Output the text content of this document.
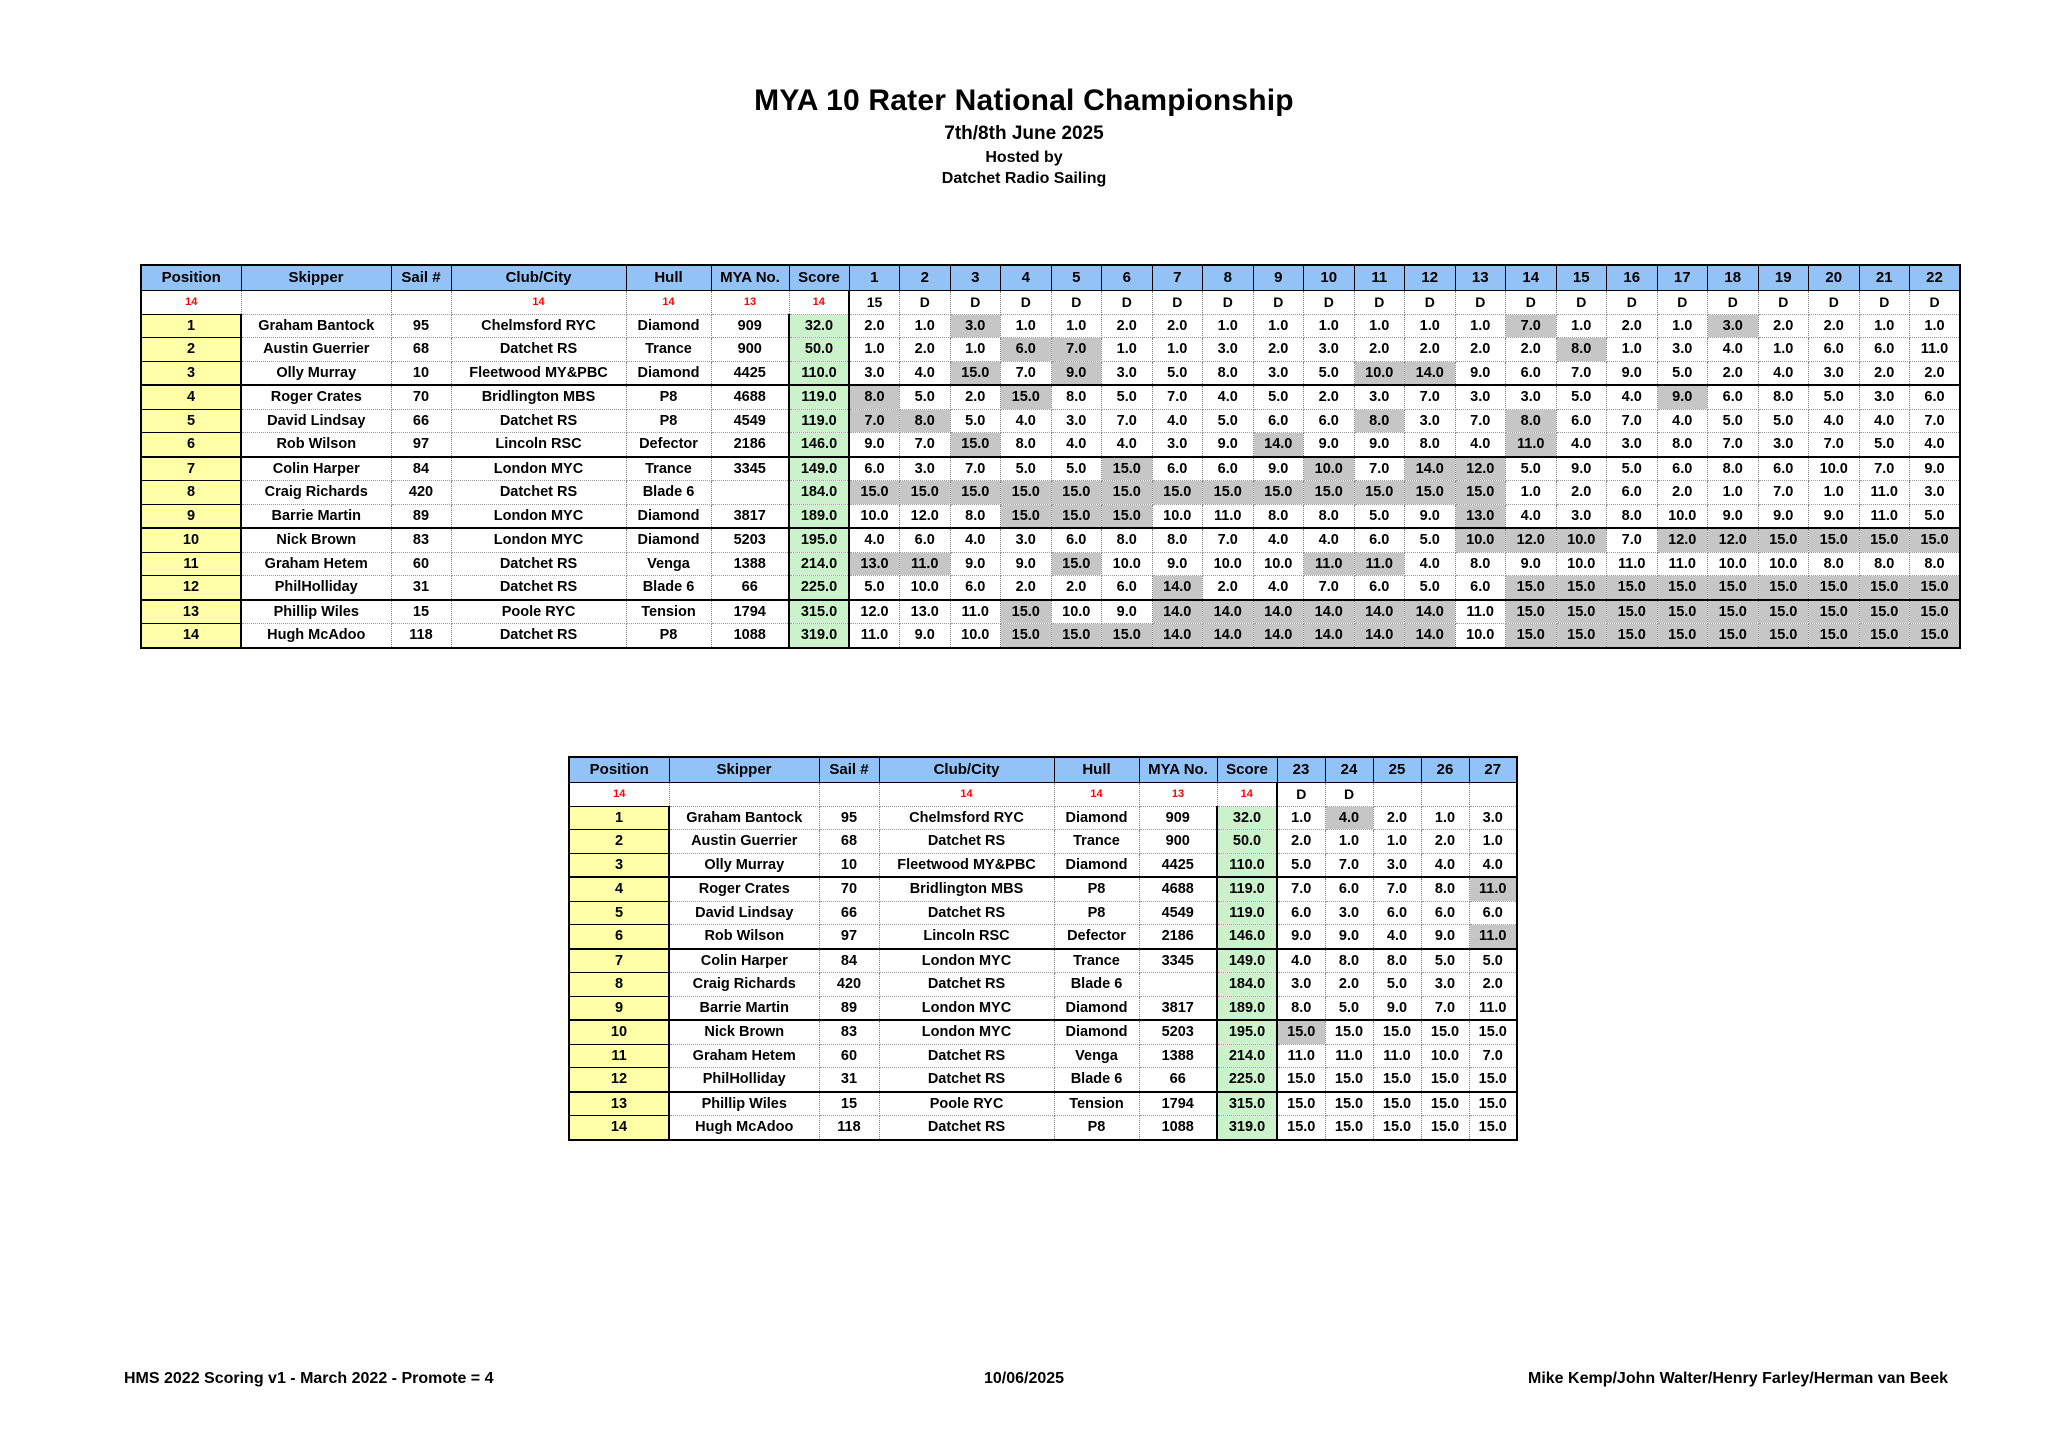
MYA 10 Rater National Championship
7th/8th June 2025
Hosted by
Datchet Radio Sailing
Position	Skipper	Sail #	Club/City	Hull	MYA No.	Score	1	2	3	4	5	6	7	8	9	10	11	12	13	14	15	16	17	18	19	20	21	22
14			14	14	13	14	15	D	D	D	D	D	D	D	D	D	D	D	D	D	D	D	D	D	D	D	D	D
1	Graham Bantock	95	Chelmsford RYC	Diamond	909	32.0	2.0	1.0	3.0	1.0	1.0	2.0	2.0	1.0	1.0	1.0	1.0	1.0	1.0	7.0	1.0	2.0	1.0	3.0	2.0	2.0	1.0	1.0
2	Austin Guerrier	68	Datchet RS	Trance	900	50.0	1.0	2.0	1.0	6.0	7.0	1.0	1.0	3.0	2.0	3.0	2.0	2.0	2.0	2.0	8.0	1.0	3.0	4.0	1.0	6.0	6.0	11.0
3	Olly Murray	10	Fleetwood MY&PBC	Diamond	4425	110.0	3.0	4.0	15.0	7.0	9.0	3.0	5.0	8.0	3.0	5.0	10.0	14.0	9.0	6.0	7.0	9.0	5.0	2.0	4.0	3.0	2.0	2.0
4	Roger Crates	70	Bridlington MBS	P8	4688	119.0	8.0	5.0	2.0	15.0	8.0	5.0	7.0	4.0	5.0	2.0	3.0	7.0	3.0	3.0	5.0	4.0	9.0	6.0	8.0	5.0	3.0	6.0
5	David Lindsay	66	Datchet RS	P8	4549	119.0	7.0	8.0	5.0	4.0	3.0	7.0	4.0	5.0	6.0	6.0	8.0	3.0	7.0	8.0	6.0	7.0	4.0	5.0	5.0	4.0	4.0	7.0
6	Rob Wilson	97	Lincoln RSC	Defector	2186	146.0	9.0	7.0	15.0	8.0	4.0	4.0	3.0	9.0	14.0	9.0	9.0	8.0	4.0	11.0	4.0	3.0	8.0	7.0	3.0	7.0	5.0	4.0
7	Colin Harper	84	London MYC	Trance	3345	149.0	6.0	3.0	7.0	5.0	5.0	15.0	6.0	6.0	9.0	10.0	7.0	14.0	12.0	5.0	9.0	5.0	6.0	8.0	6.0	10.0	7.0	9.0
8	Craig Richards	420	Datchet RS	Blade 6		184.0	15.0	15.0	15.0	15.0	15.0	15.0	15.0	15.0	15.0	15.0	15.0	15.0	15.0	1.0	2.0	6.0	2.0	1.0	7.0	1.0	11.0	3.0
9	Barrie Martin	89	London MYC	Diamond	3817	189.0	10.0	12.0	8.0	15.0	15.0	15.0	10.0	11.0	8.0	8.0	5.0	9.0	13.0	4.0	3.0	8.0	10.0	9.0	9.0	9.0	11.0	5.0
10	Nick Brown	83	London MYC	Diamond	5203	195.0	4.0	6.0	4.0	3.0	6.0	8.0	8.0	7.0	4.0	4.0	6.0	5.0	10.0	12.0	10.0	7.0	12.0	12.0	15.0	15.0	15.0	15.0
11	Graham Hetem	60	Datchet RS	Venga	1388	214.0	13.0	11.0	9.0	9.0	15.0	10.0	9.0	10.0	10.0	11.0	11.0	4.0	8.0	9.0	10.0	11.0	11.0	10.0	10.0	8.0	8.0	8.0
12	PhilHolliday	31	Datchet RS	Blade 6	66	225.0	5.0	10.0	6.0	2.0	2.0	6.0	14.0	2.0	4.0	7.0	6.0	5.0	6.0	15.0	15.0	15.0	15.0	15.0	15.0	15.0	15.0	15.0
13	Phillip Wiles	15	Poole RYC	Tension	1794	315.0	12.0	13.0	11.0	15.0	10.0	9.0	14.0	14.0	14.0	14.0	14.0	14.0	11.0	15.0	15.0	15.0	15.0	15.0	15.0	15.0	15.0	15.0
14	Hugh McAdoo	118	Datchet RS	P8	1088	319.0	11.0	9.0	10.0	15.0	15.0	15.0	14.0	14.0	14.0	14.0	14.0	14.0	10.0	15.0	15.0	15.0	15.0	15.0	15.0	15.0	15.0	15.0
Position	Skipper	Sail #	Club/City	Hull	MYA No.	Score	23	24	25	26	27
14			14	14	13	14	D	D			
1	Graham Bantock	95	Chelmsford RYC	Diamond	909	32.0	1.0	4.0	2.0	1.0	3.0
2	Austin Guerrier	68	Datchet RS	Trance	900	50.0	2.0	1.0	1.0	2.0	1.0
3	Olly Murray	10	Fleetwood MY&PBC	Diamond	4425	110.0	5.0	7.0	3.0	4.0	4.0
4	Roger Crates	70	Bridlington MBS	P8	4688	119.0	7.0	6.0	7.0	8.0	11.0
5	David Lindsay	66	Datchet RS	P8	4549	119.0	6.0	3.0	6.0	6.0	6.0
6	Rob Wilson	97	Lincoln RSC	Defector	2186	146.0	9.0	9.0	4.0	9.0	11.0
7	Colin Harper	84	London MYC	Trance	3345	149.0	4.0	8.0	8.0	5.0	5.0
8	Craig Richards	420	Datchet RS	Blade 6		184.0	3.0	2.0	5.0	3.0	2.0
9	Barrie Martin	89	London MYC	Diamond	3817	189.0	8.0	5.0	9.0	7.0	11.0
10	Nick Brown	83	London MYC	Diamond	5203	195.0	15.0	15.0	15.0	15.0	15.0
11	Graham Hetem	60	Datchet RS	Venga	1388	214.0	11.0	11.0	11.0	10.0	7.0
12	PhilHolliday	31	Datchet RS	Blade 6	66	225.0	15.0	15.0	15.0	15.0	15.0
13	Phillip Wiles	15	Poole RYC	Tension	1794	315.0	15.0	15.0	15.0	15.0	15.0
14	Hugh McAdoo	118	Datchet RS	P8	1088	319.0	15.0	15.0	15.0	15.0	15.0
HMS 2022 Scoring v1 - March 2022 - Promote = 4	10/06/2025	Mike Kemp/John Walter/Henry Farley/Herman van Beek
